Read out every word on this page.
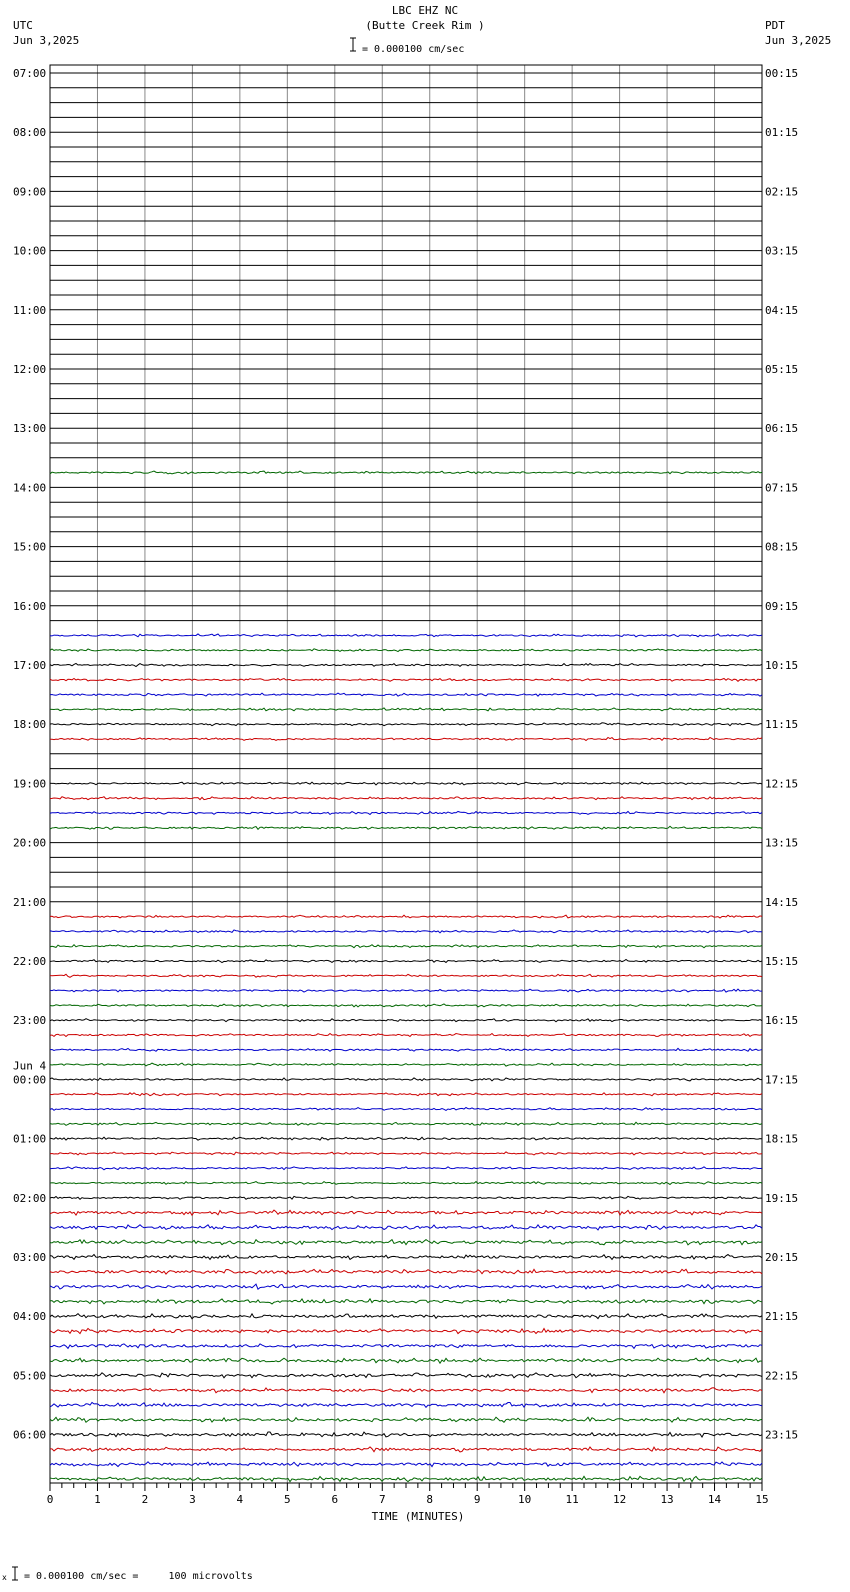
LBC EHZ NC
(Butte Creek Rim )

= 0.000100 cm/sec
UTC
Jun 3,2025
PDT
Jun 3,2025
07:00
08:00
09:00
10:00
11:00
12:00
13:00
14:00
15:00
16:00
17:00
18:00
19:00
20:00
21:00
22:00
23:00
00:00
01:00
02:00
03:00
04:00
05:00
06:00
00:15
01:15
02:15
03:15
04:15
05:15
06:15
07:15
08:15
09:15
10:15
11:15
12:15
13:15
14:15
15:15
16:15
17:15
18:15
19:15
20:15
21:15
22:15
23:15
Jun 4
0	1	2	3	4	5	6	7	8	9	10	11	12	13	14	15
TIME (MINUTES)
x

= 0.000100 cm/sec =     100 microvolts
